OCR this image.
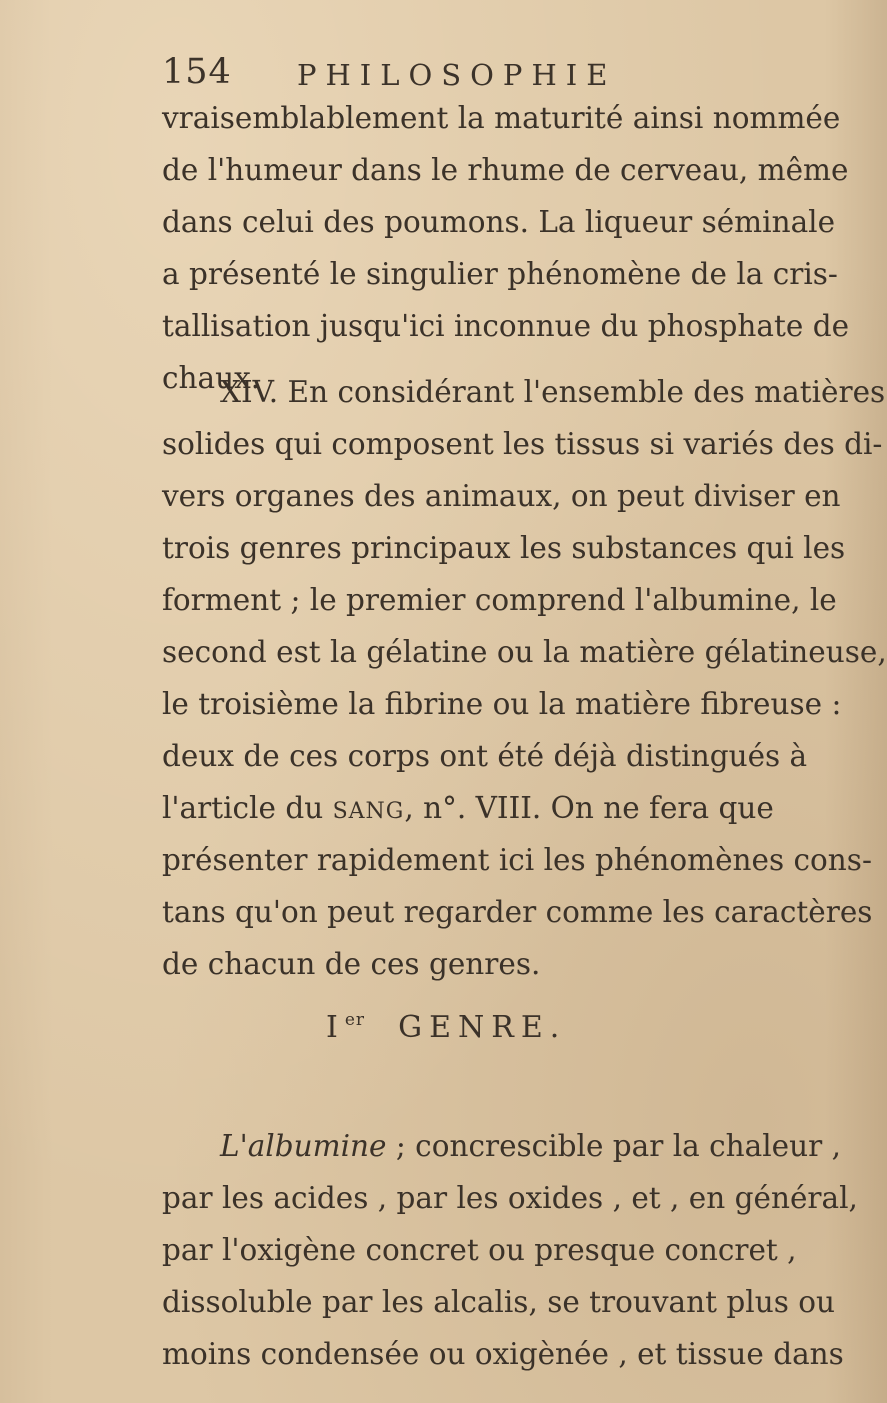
154 PHILOSOPHIE
vraisemblablement la maturité ainsi nommée
de l'humeur dans le rhume de cerveau, même
dans celui des poumons. La liqueur séminale
a présenté le singulier phénomène de la cris-
tallisation jusqu'ici inconnue du phosphate de
chaux.
XIV. En considérant l'ensemble des matières
solides qui composent les tissus si variés des di-
vers organes des animaux, on peut diviser en
trois genres principaux les substances qui les
forment ; le premier comprend l'albumine, le
second est la gélatine ou la matière gélatineuse,
le troisième la fibrine ou la matière fibreuse :
deux de ces corps ont été déjà distingués à
l'article du SANG, n°. VIII. On ne fera que
présenter rapidement ici les phénomènes cons-
tans qu'on peut regarder comme les caractères
de chacun de ces genres.
Ier GENRE.
L'albumine ; concrescible par la chaleur ,
par les acides , par les oxides , et , en général,
par l'oxigène concret ou presque concret ,
dissoluble par les alcalis, se trouvant plus ou
moins condensée ou oxigènée , et tissue dans
